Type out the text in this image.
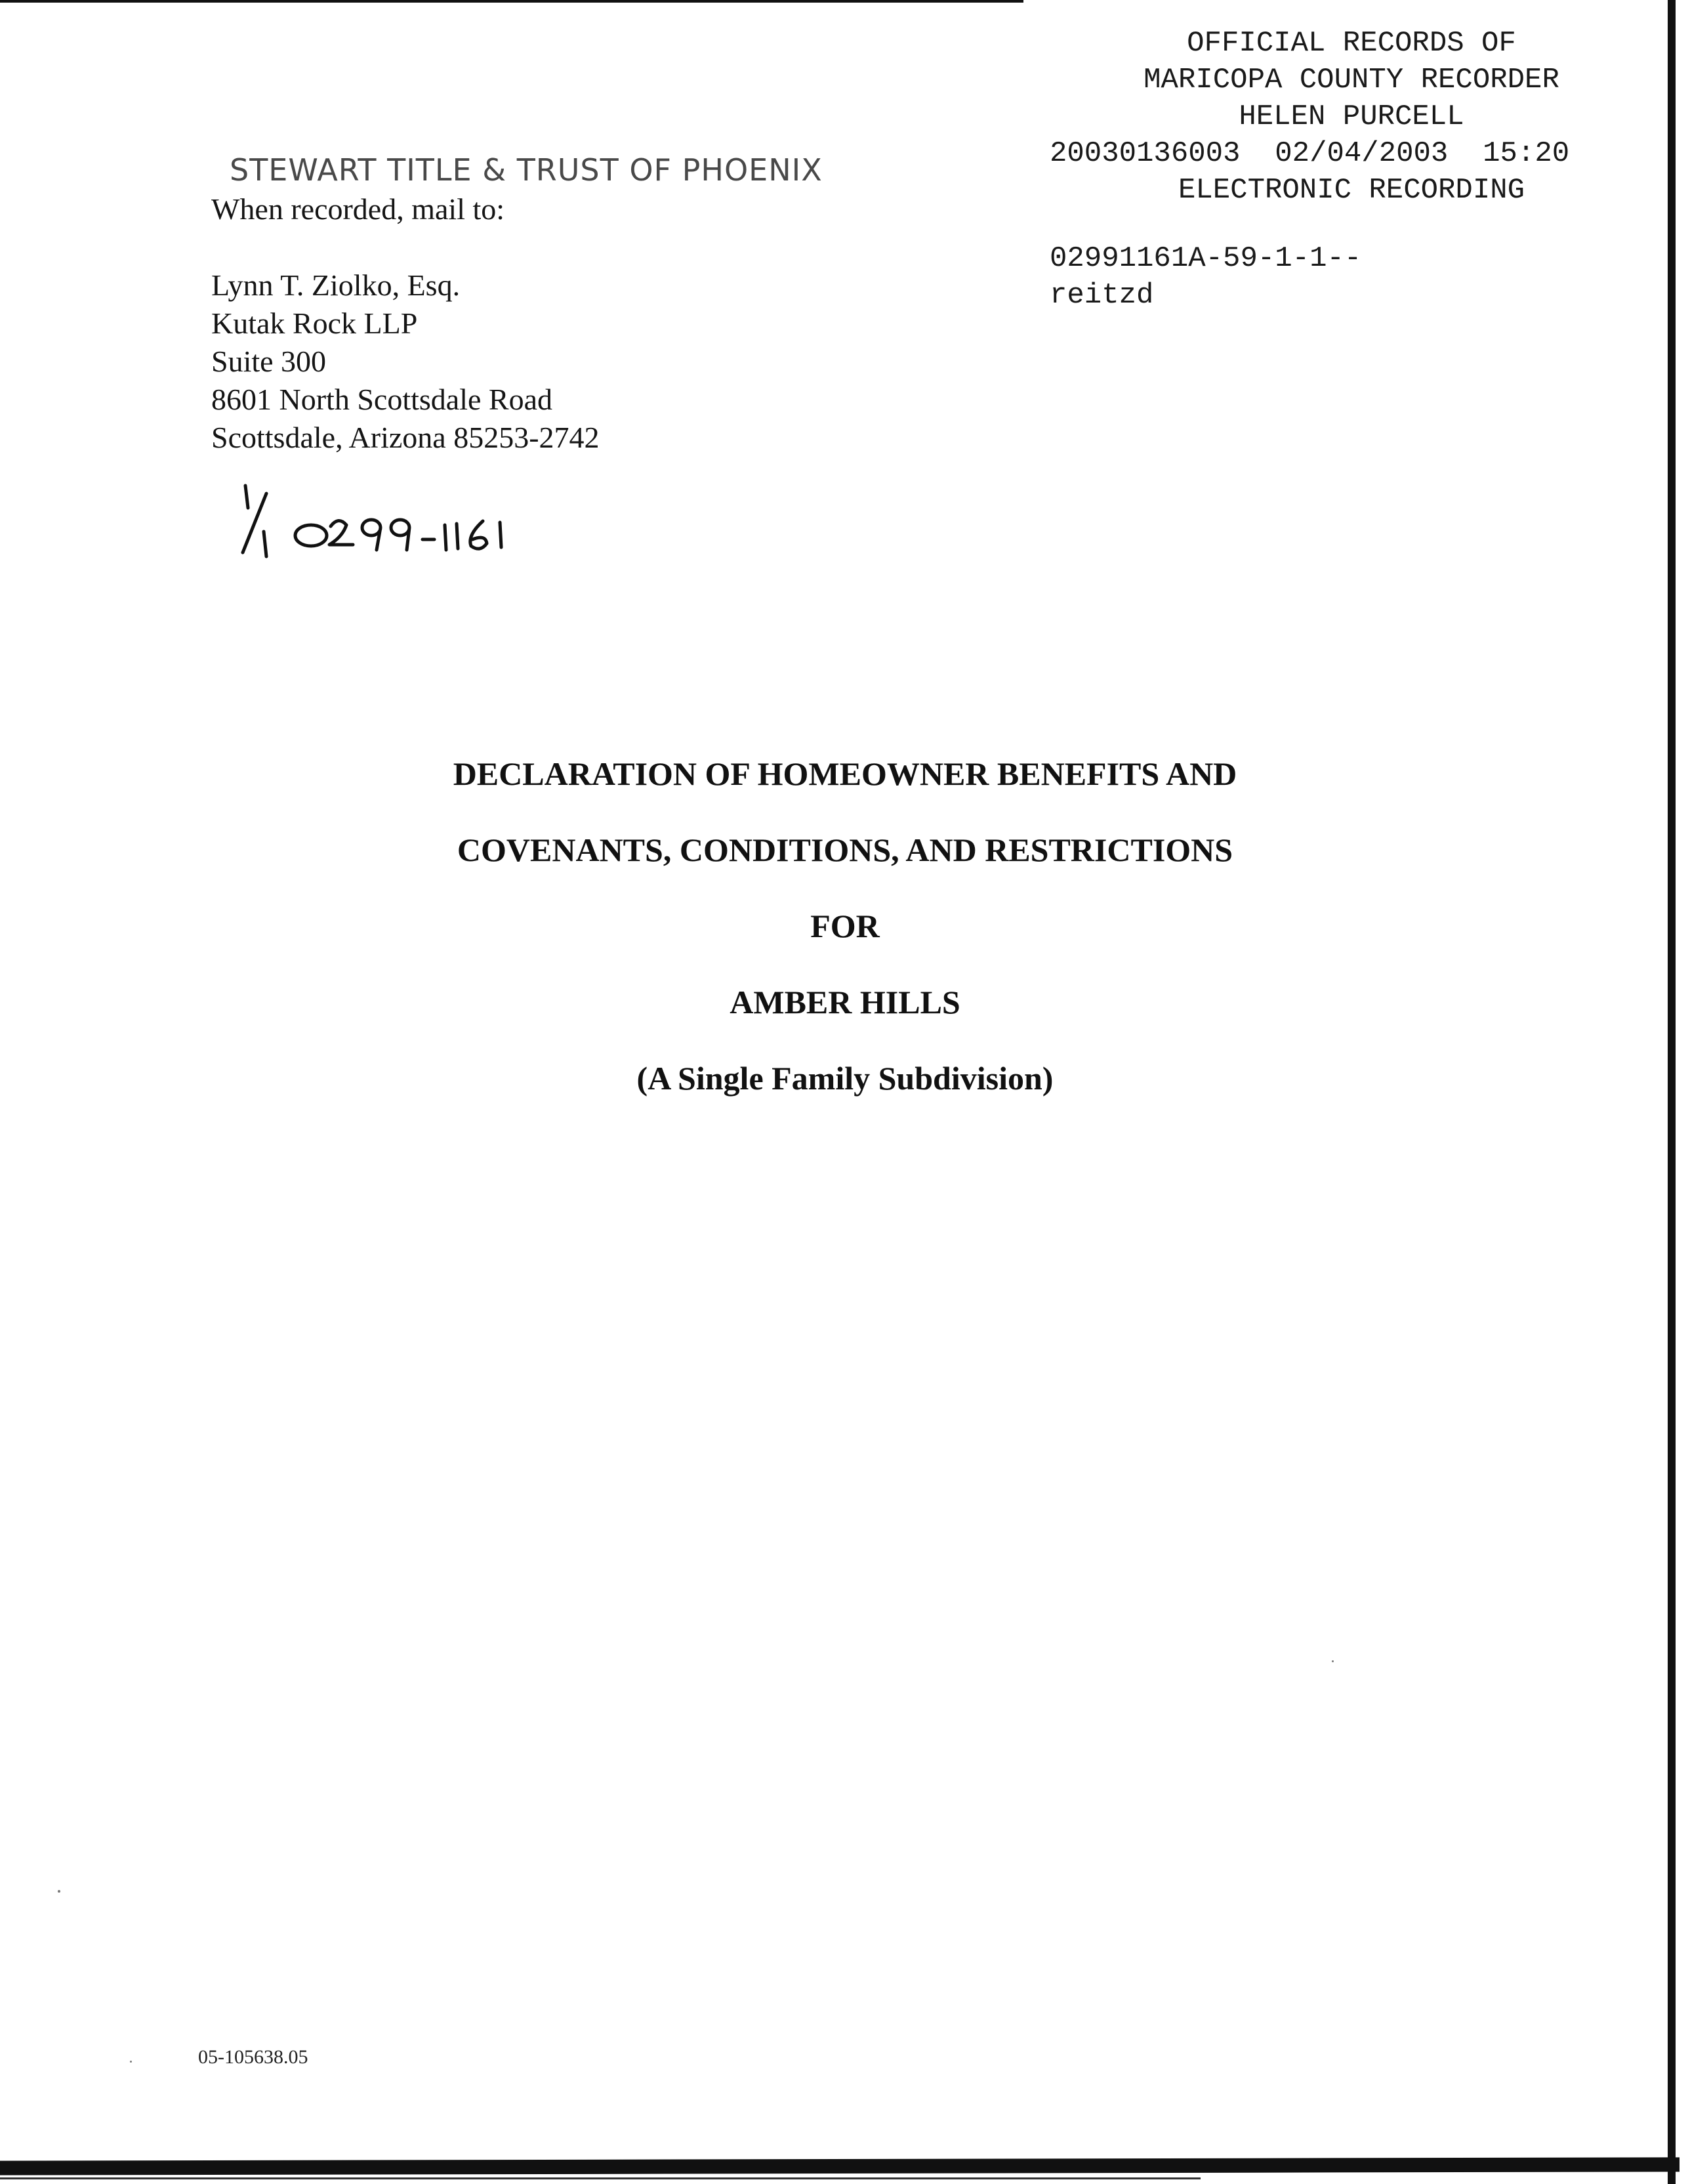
OFFICIAL RECORDS OF
MARICOPA COUNTY RECORDER
HELEN PURCELL
20030136003  02/04/2003  15:20
ELECTRONIC RECORDING
02991161A-59-1-1--
reitzd
STEWART TITLE & TRUST OF PHOENIX
When recorded, mail to:
Lynn T. Ziolko, Esq.
Kutak Rock LLP
Suite 300
8601 North Scottsdale Road
Scottsdale, Arizona 85253-2742
DECLARATION OF HOMEOWNER BENEFITS AND
COVENANTS, CONDITIONS, AND RESTRICTIONS
FOR
AMBER HILLS
(A Single Family Subdivision)
05-105638.05
